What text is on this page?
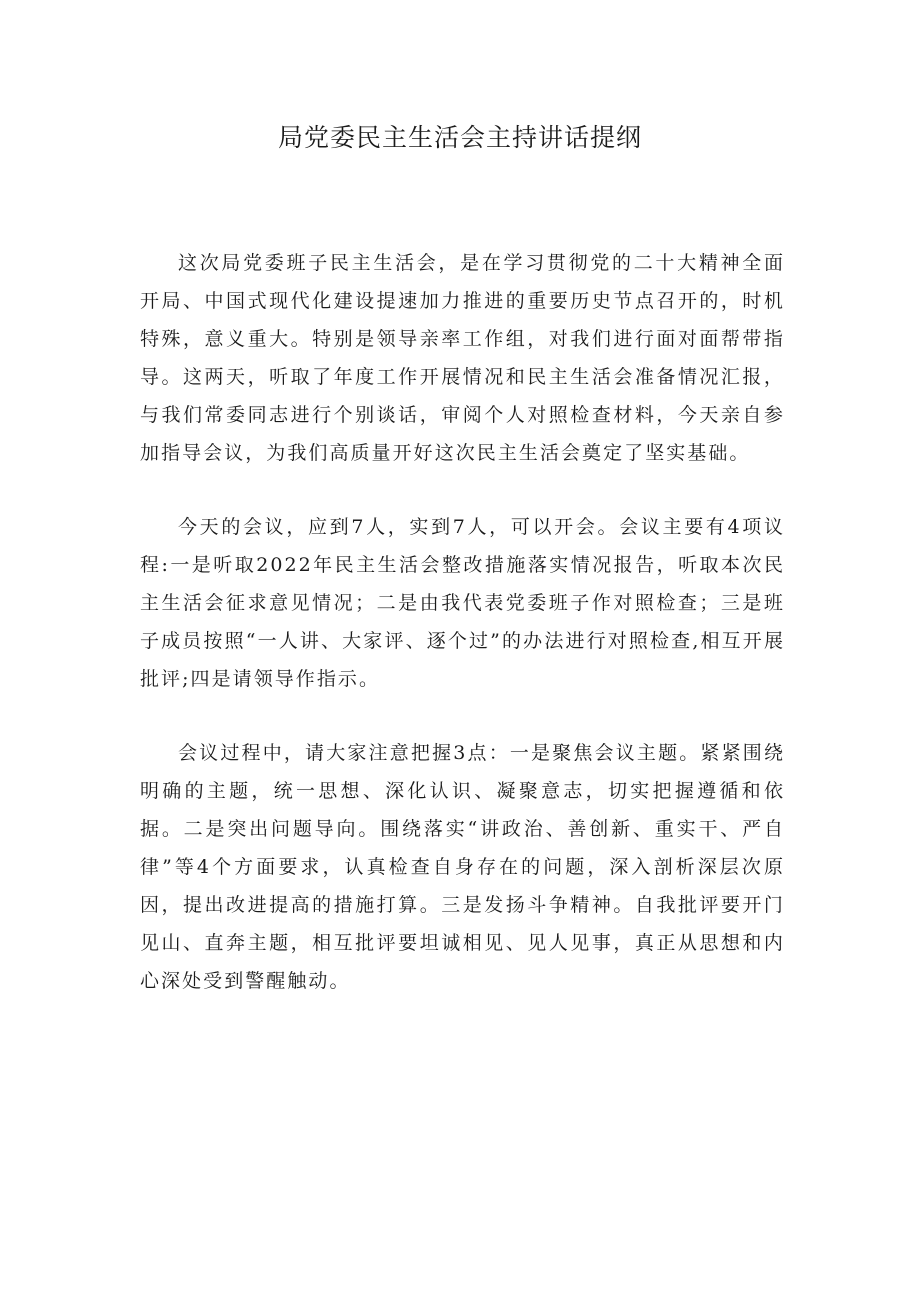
局党委民主生活会主持讲话提纲

这次局党委班子民主生活会，是在学习贯彻党的二十大精神全面开局、中国式现代化建设提速加力推进的重要历史节点召开的，时机特殊，意义重大。特别是领导亲率工作组，对我们进行面对面帮带指导。这两天，听取了年度工作开展情况和民主生活会准备情况汇报，与我们常委同志进行个别谈话，审阅个人对照检查材料，今天亲自参加指导会议，为我们高质量开好这次民主生活会奠定了坚实基础。

今天的会议，应到7人，实到7人，可以开会。会议主要有4项议程:一是听取2022年民主生活会整改措施落实情况报告，听取本次民主生活会征求意见情况；二是由我代表党委班子作对照检查；三是班子成员按照“一人讲、大家评、逐个过”的办法进行对照检查,相互开展批评;四是请领导作指示。

会议过程中，请大家注意把握3点：一是聚焦会议主题。紧紧围绕明确的主题，统一思想、深化认识、凝聚意志，切实把握遵循和依据。二是突出问题导向。围绕落实“讲政治、善创新、重实干、严自律”等4个方面要求，认真检查自身存在的问题，深入剖析深层次原因，提出改进提高的措施打算。三是发扬斗争精神。自我批评要开门见山、直奔主题，相互批评要坦诚相见、见人见事，真正从思想和内心深处受到警醒触动。
